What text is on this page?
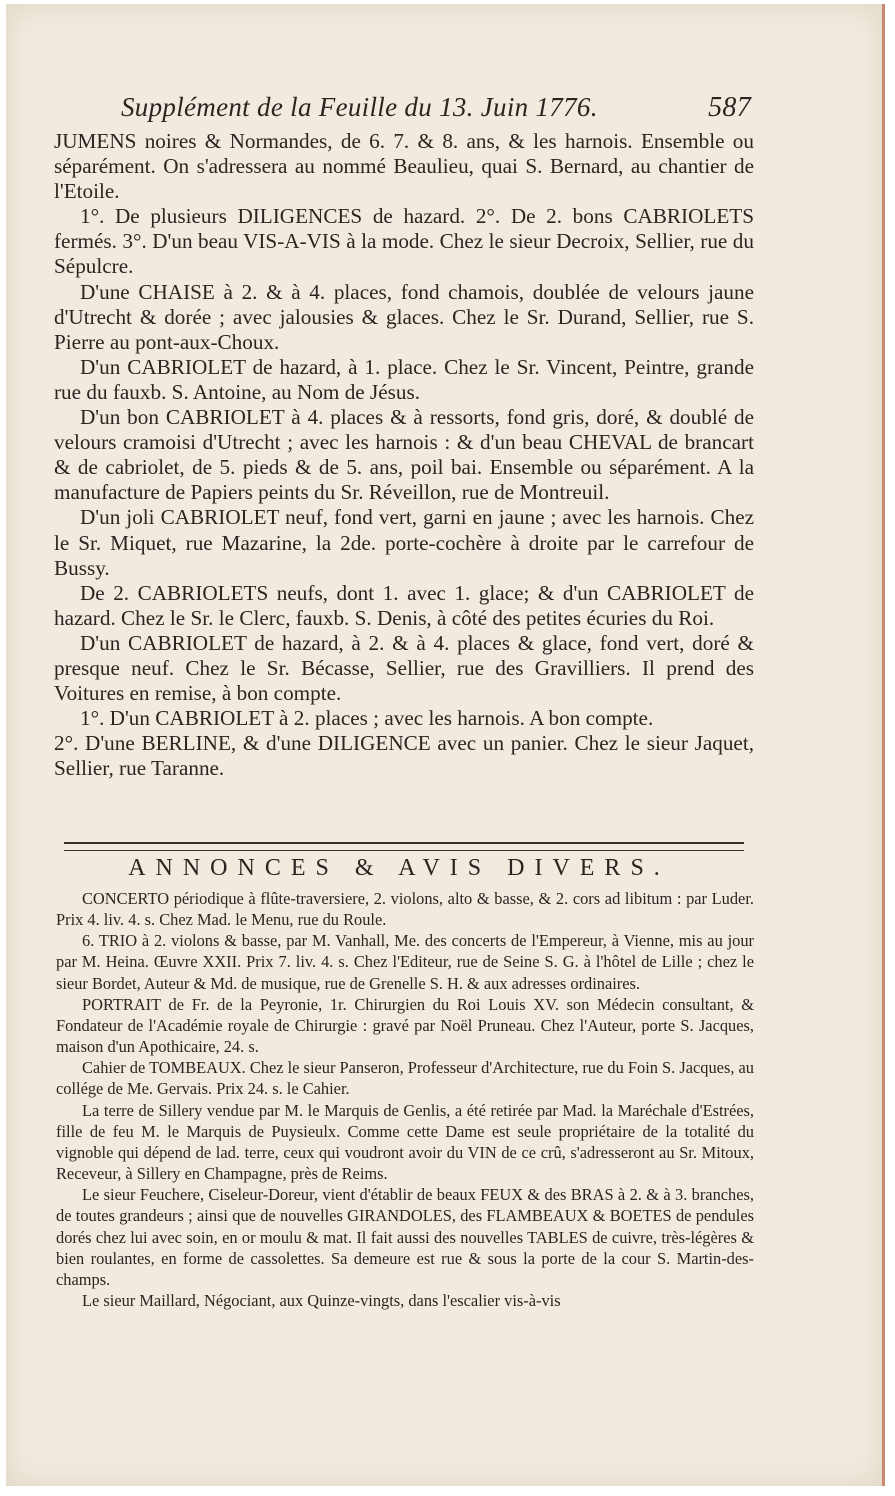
Supplément de la Feuille du 13. Juin 1776.	587

JUMENS noires & Normandes, de 6. 7. & 8. ans, & les harnois. Ensemble ou séparément. On s'adressera au nommé Beaulieu, quai S. Bernard, au chantier de l'Etoile.

1°. De plusieurs DILIGENCES de hazard. 2°. De 2. bons CABRIOLETS fermés. 3°. D'un beau VIS-A-VIS à la mode. Chez le sieur Decroix, Sellier, rue du Sépulcre.

D'une CHAISE à 2. & à 4. places, fond chamois, doublée de velours jaune d'Utrecht & dorée ; avec jalousies & glaces. Chez le Sr. Durand, Sellier, rue S. Pierre au pont-aux-Choux.

D'un CABRIOLET de hazard, à 1. place. Chez le Sr. Vincent, Peintre, grande rue du fauxb. S. Antoine, au Nom de Jésus.

D'un bon CABRIOLET à 4. places & à ressorts, fond gris, doré, & doublé de velours cramoisi d'Utrecht ; avec les harnois : & d'un beau CHEVAL de brancart & de cabriolet, de 5. pieds & de 5. ans, poil bai. Ensemble ou séparément. A la manufacture de Papiers peints du Sr. Réveillon, rue de Montreuil.

D'un joli CABRIOLET neuf, fond vert, garni en jaune ; avec les harnois. Chez le Sr. Miquet, rue Mazarine, la 2de. porte-cochère à droite par le carrefour de Bussy.

De 2. CABRIOLETS neufs, dont 1. avec 1. glace; & d'un CABRIOLET de hazard. Chez le Sr. le Clerc, fauxb. S. Denis, à côté des petites écuries du Roi.

D'un CABRIOLET de hazard, à 2. & à 4. places & glace, fond vert, doré & presque neuf. Chez le Sr. Bécasse, Sellier, rue des Gravilliers. Il prend des Voitures en remise, à bon compte.

1°. D'un CABRIOLET à 2. places ; avec les harnois. A bon compte.

2°. D'une BERLINE, & d'une DILIGENCE avec un panier. Chez le sieur Jaquet, Sellier, rue Taranne.

ANNONCES & AVIS DIVERS.

CONCERTO périodique à flûte-traversiere, 2. violons, alto & basse, & 2. cors ad libitum : par Luder. Prix 4. liv. 4. s. Chez Mad. le Menu, rue du Roule.

6. TRIO à 2. violons & basse, par M. Vanhall, Me. des concerts de l'Empereur, à Vienne, mis au jour par M. Heina. Œuvre XXII. Prix 7. liv. 4. s. Chez l'Editeur, rue de Seine S. G. à l'hôtel de Lille ; chez le sieur Bordet, Auteur & Md. de musique, rue de Grenelle S. H. & aux adresses ordinaires.

PORTRAIT de Fr. de la Peyronie, 1r. Chirurgien du Roi Louis XV. son Médecin consultant, & Fondateur de l'Académie royale de Chirurgie : gravé par Noël Pruneau. Chez l'Auteur, porte S. Jacques, maison d'un Apothicaire, 24. s.

Cahier de TOMBEAUX. Chez le sieur Panseron, Professeur d'Architecture, rue du Foin S. Jacques, au collége de Me. Gervais. Prix 24. s. le Cahier.

La terre de Sillery vendue par M. le Marquis de Genlis, a été retirée par Mad. la Maréchale d'Estrées, fille de feu M. le Marquis de Puysieulx. Comme cette Dame est seule propriétaire de la totalité du vignoble qui dépend de lad. terre, ceux qui voudront avoir du VIN de ce crû, s'adresseront au Sr. Mitoux, Receveur, à Sillery en Champagne, près de Reims.

Le sieur Feuchere, Ciseleur-Doreur, vient d'établir de beaux FEUX & des BRAS à 2. & à 3. branches, de toutes grandeurs ; ainsi que de nouvelles GIRANDOLES, des FLAMBEAUX & BOETES de pendules dorés chez lui avec soin, en or moulu & mat. Il fait aussi des nouvelles TABLES de cuivre, très-légères & bien roulantes, en forme de cassolettes. Sa demeure est rue & sous la porte de la cour S. Martin-des-champs.

Le sieur Maillard, Négociant, aux Quinze-vingts, dans l'escalier vis-à-vis
